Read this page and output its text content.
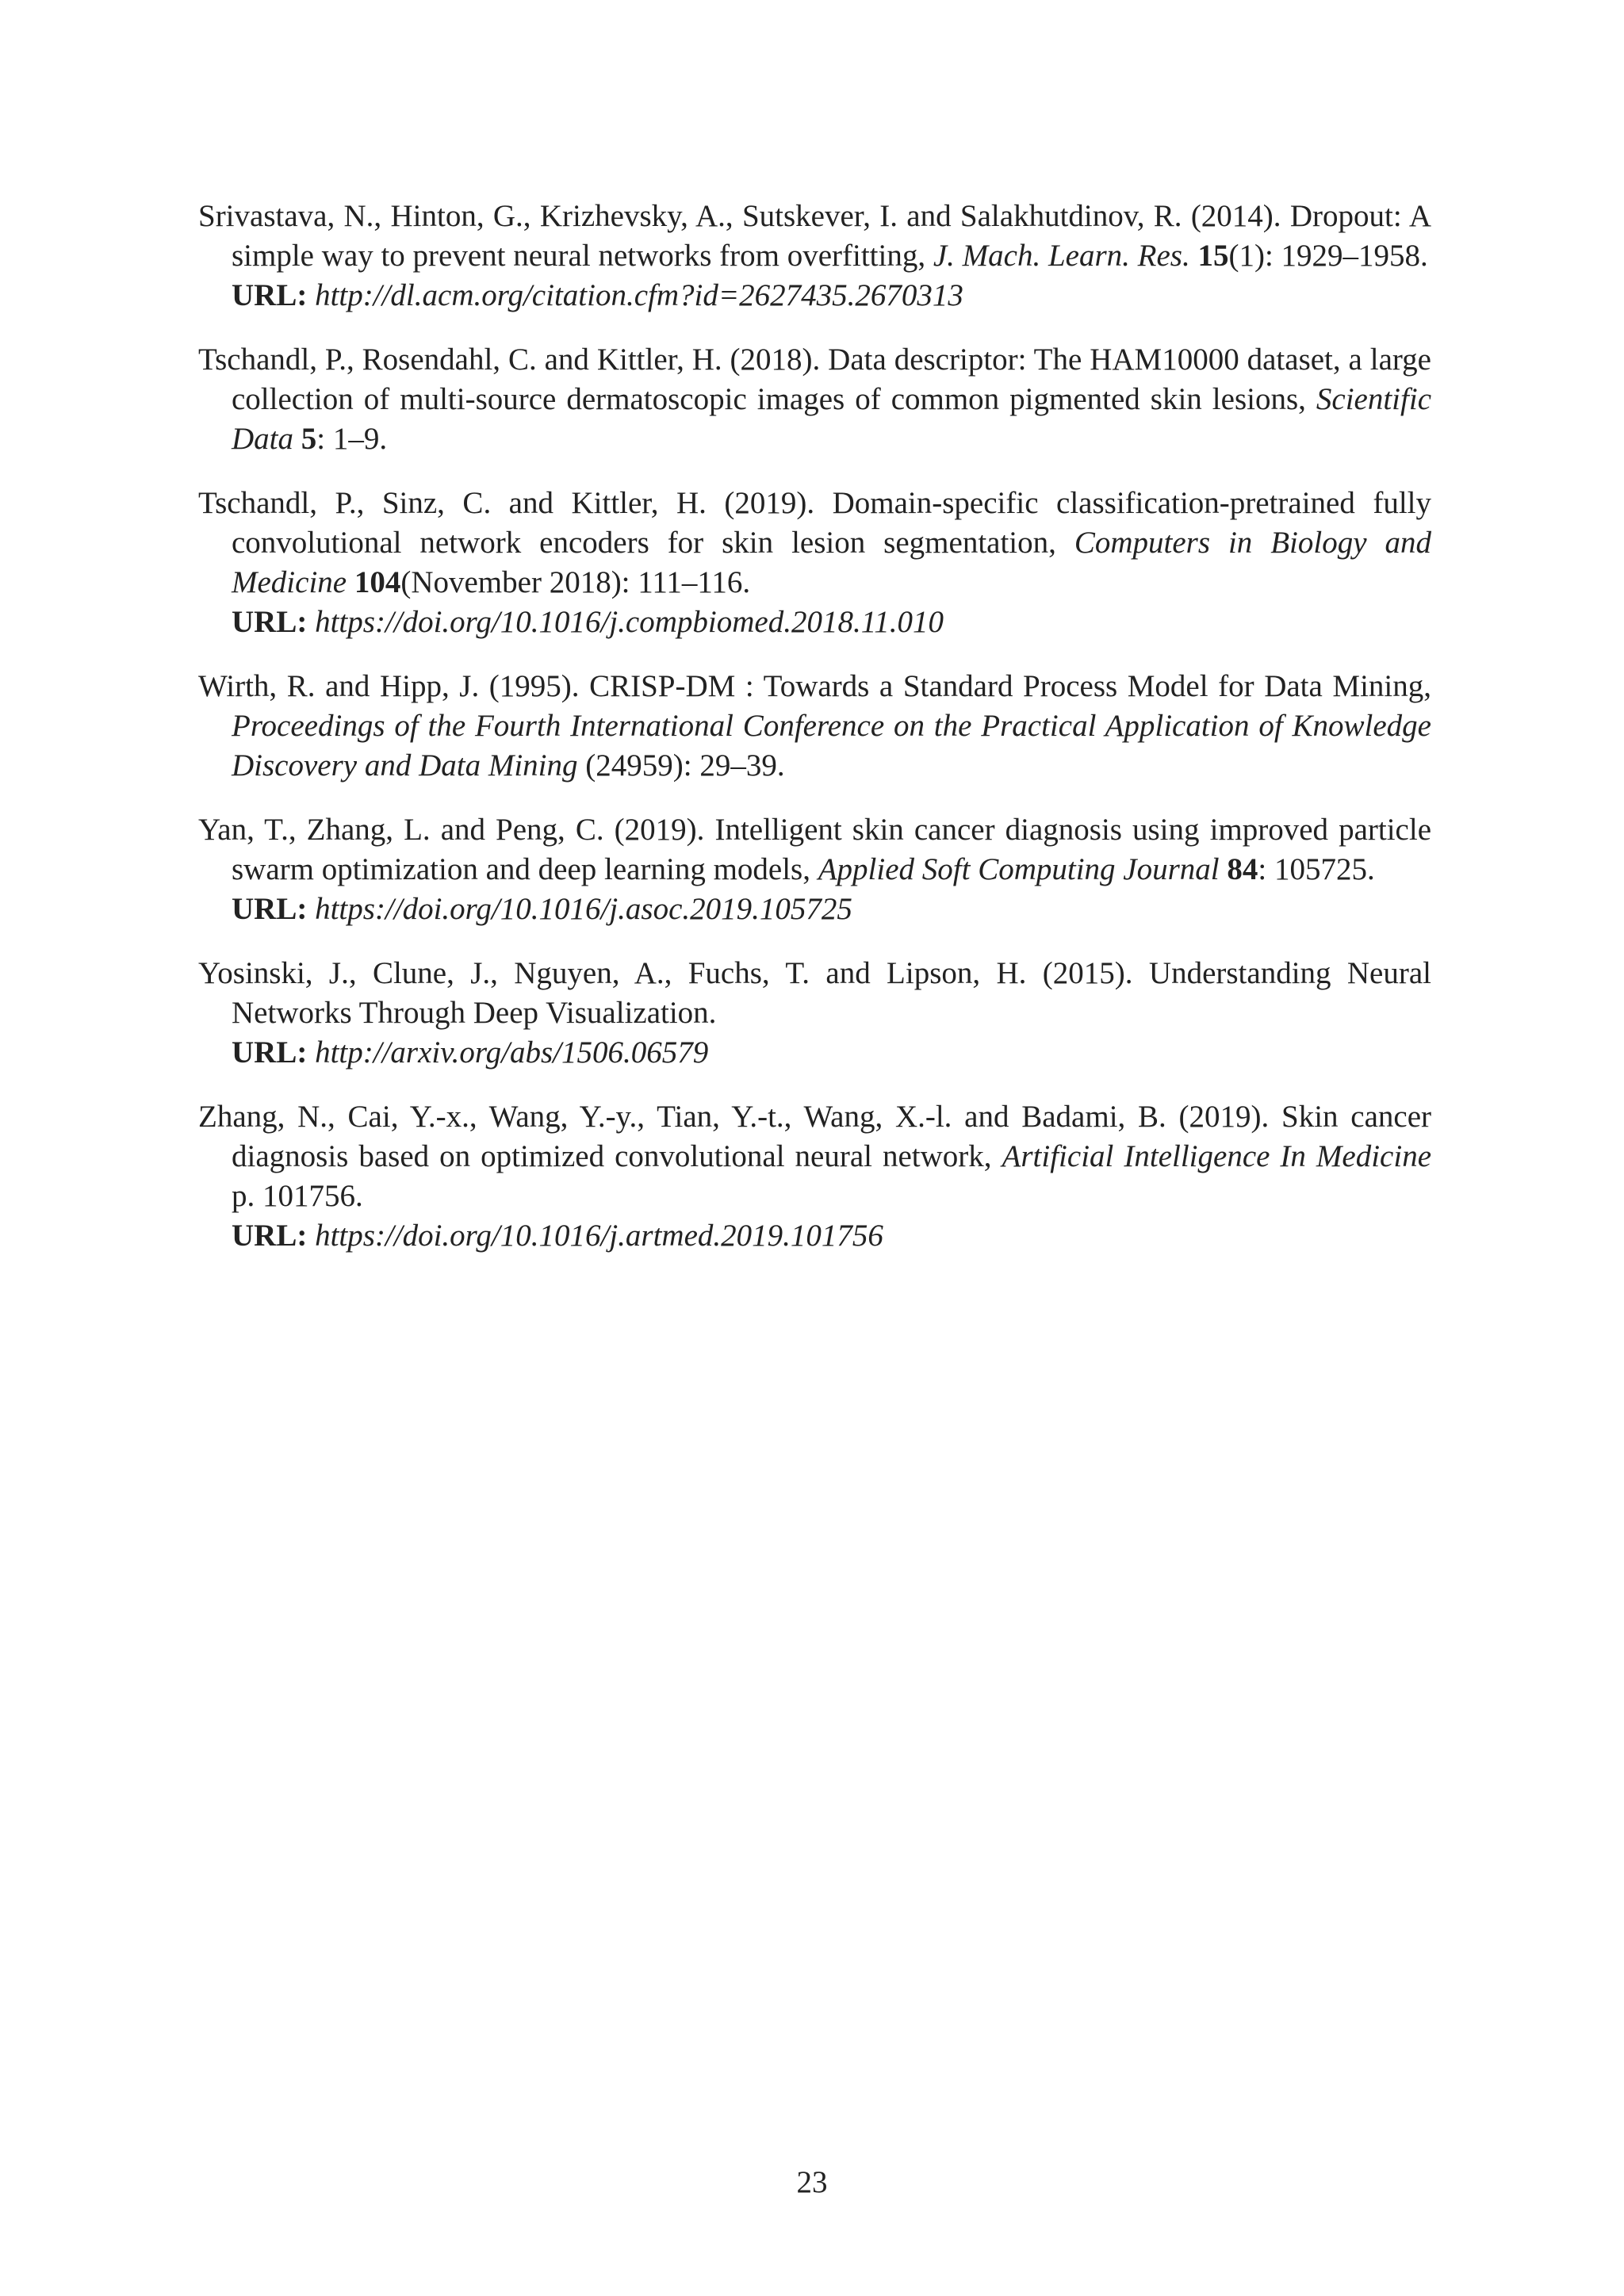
Srivastava, N., Hinton, G., Krizhevsky, A., Sutskever, I. and Salakhutdinov, R. (2014). Dropout: A simple way to prevent neural networks from overfitting, J. Mach. Learn. Res. 15(1): 1929–1958.
URL: http://dl.acm.org/citation.cfm?id=2627435.2670313

Tschandl, P., Rosendahl, C. and Kittler, H. (2018). Data descriptor: The HAM10000 dataset, a large collection of multi-source dermatoscopic images of common pigmented skin lesions, Scientific Data 5: 1–9.

Tschandl, P., Sinz, C. and Kittler, H. (2019). Domain-specific classification-pretrained fully convolutional network encoders for skin lesion segmentation, Computers in Biology and Medicine 104(November 2018): 111–116.
URL: https://doi.org/10.1016/j.compbiomed.2018.11.010

Wirth, R. and Hipp, J. (1995). CRISP-DM : Towards a Standard Process Model for Data Mining, Proceedings of the Fourth International Conference on the Practical Application of Knowledge Discovery and Data Mining (24959): 29–39.

Yan, T., Zhang, L. and Peng, C. (2019). Intelligent skin cancer diagnosis using improved particle swarm optimization and deep learning models, Applied Soft Computing Journal 84: 105725.
URL: https://doi.org/10.1016/j.asoc.2019.105725

Yosinski, J., Clune, J., Nguyen, A., Fuchs, T. and Lipson, H. (2015). Understanding Neural Networks Through Deep Visualization.
URL: http://arxiv.org/abs/1506.06579

Zhang, N., Cai, Y.-x., Wang, Y.-y., Tian, Y.-t., Wang, X.-l. and Badami, B. (2019). Skin cancer diagnosis based on optimized convolutional neural network, Artificial Intelligence In Medicine p. 101756.
URL: https://doi.org/10.1016/j.artmed.2019.101756

23
